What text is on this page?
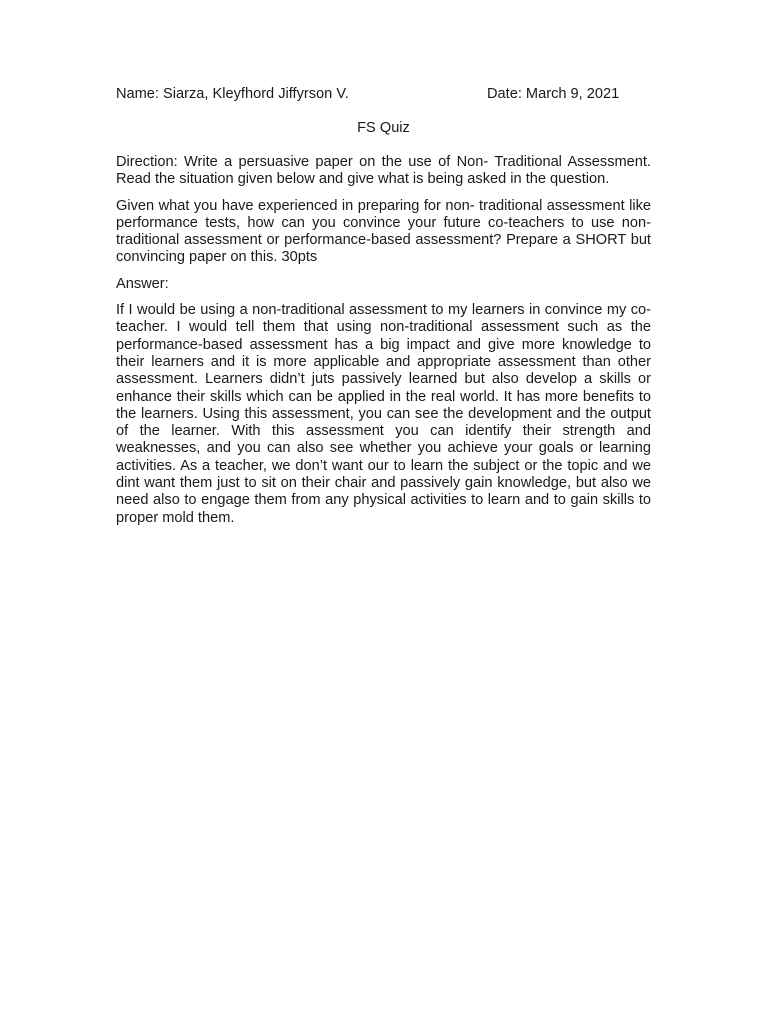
Name: Siarza, Kleyfhord Jiffyrson V.	Date: March 9, 2021
FS Quiz

Direction: Write a persuasive paper on the use of Non- Traditional Assessment. Read the situation given below and give what is being asked in the question.

Given what you have experienced in preparing for non- traditional assessment like performance tests, how can you convince your future co-teachers to use non-traditional assessment or performance-based assessment? Prepare a SHORT but convincing paper on this. 30pts

Answer:

If I would be using a non-traditional assessment to my learners in convince my co-teacher. I would tell them that using non-traditional assessment such as the performance-based assessment has a big impact and give more knowledge to their learners and it is more applicable and appropriate assessment than other assessment. Learners didn’t juts passively learned but also develop a skills or enhance their skills which can be applied in the real world. It has more benefits to the learners. Using this assessment, you can see the development and the output of the learner. With this assessment you can identify their strength and weaknesses, and you can also see whether you achieve your goals or learning activities. As a teacher, we don’t want our to learn the subject or the topic and we dint want them just to sit on their chair and passively gain knowledge, but also we need also to engage them from any physical activities to learn and to gain skills to proper mold them.
